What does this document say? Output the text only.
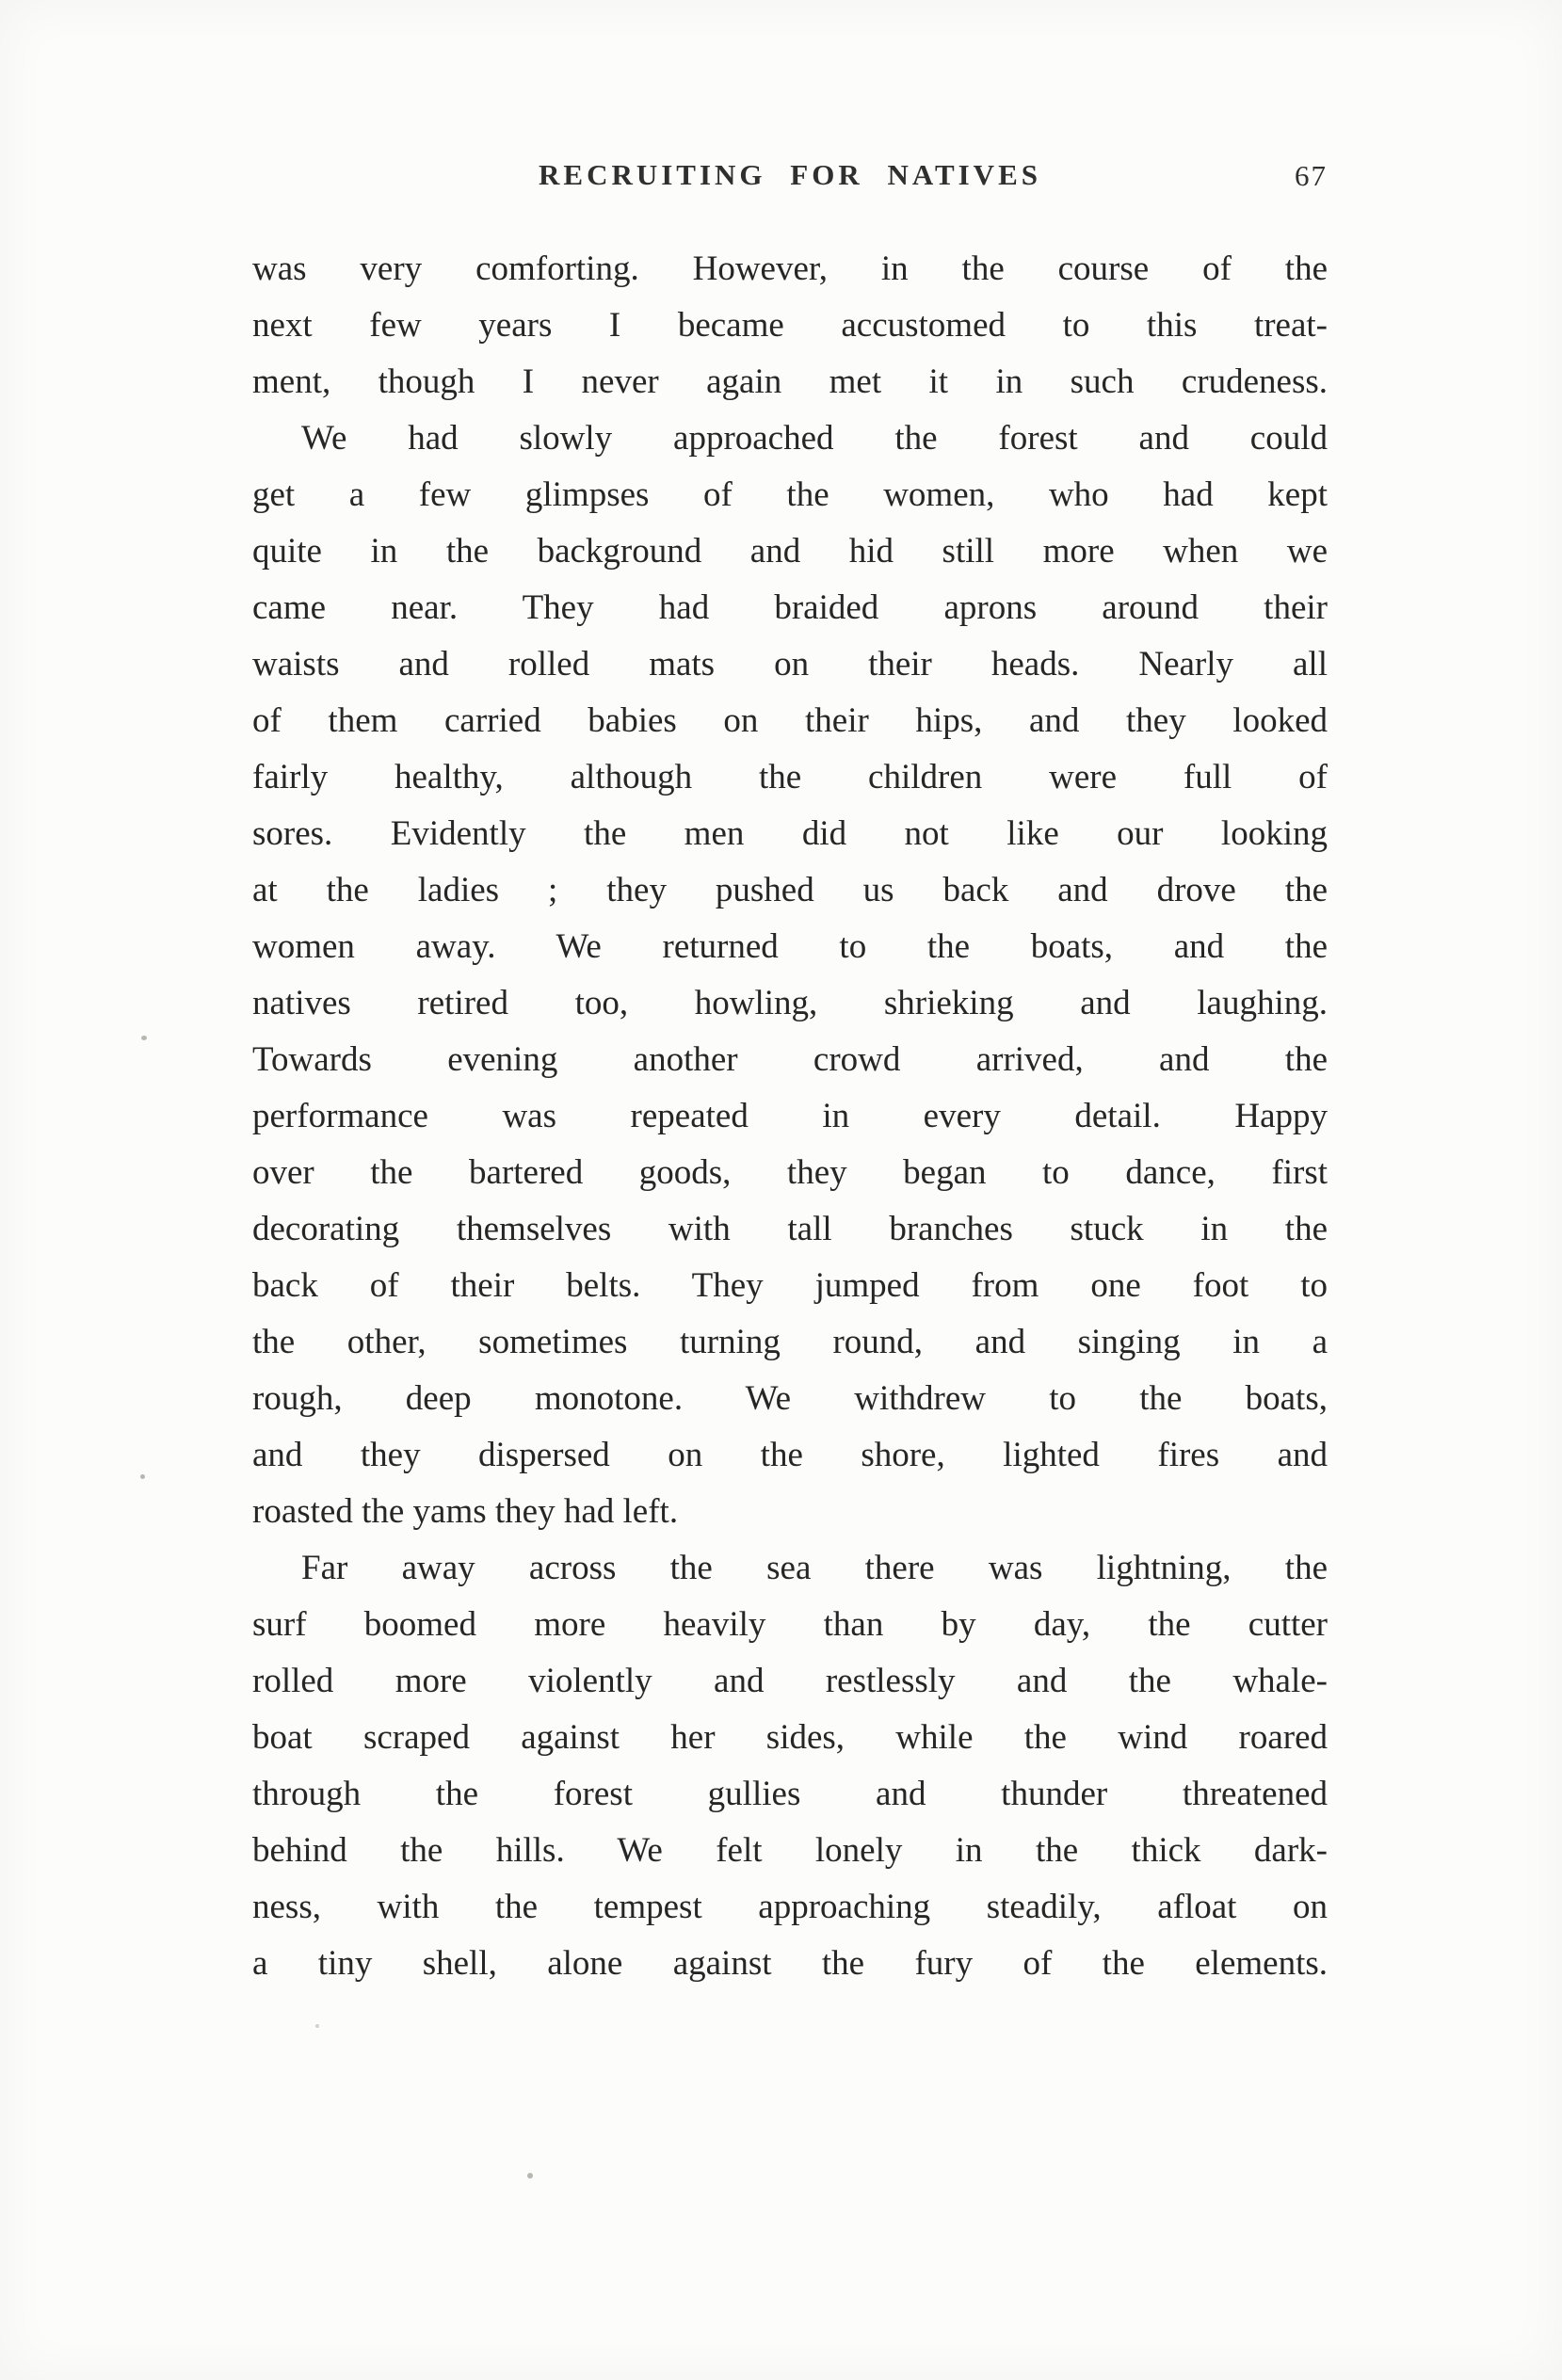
RECRUITING FOR NATIVES	67
was very comforting. However, in the course of the
next few years I became accustomed to this treat-
ment, though I never again met it in such crudeness.
We had slowly approached the forest and could
get a few glimpses of the women, who had kept
quite in the background and hid still more when we
came near. They had braided aprons around their
waists and rolled mats on their heads. Nearly all
of them carried babies on their hips, and they looked
fairly healthy, although the children were full of
sores. Evidently the men did not like our looking
at the ladies ; they pushed us back and drove the
women away. We returned to the boats, and the
natives retired too, howling, shrieking and laughing.
Towards evening another crowd arrived, and the
performance was repeated in every detail. Happy
over the bartered goods, they began to dance, first
decorating themselves with tall branches stuck in the
back of their belts. They jumped from one foot to
the other, sometimes turning round, and singing in a
rough, deep monotone. We withdrew to the boats,
and they dispersed on the shore, lighted fires and
roasted the yams they had left.
Far away across the sea there was lightning, the
surf boomed more heavily than by day, the cutter
rolled more violently and restlessly and the whale-
boat scraped against her sides, while the wind roared
through the forest gullies and thunder threatened
behind the hills. We felt lonely in the thick dark-
ness, with the tempest approaching steadily, afloat on
a tiny shell, alone against the fury of the elements.
